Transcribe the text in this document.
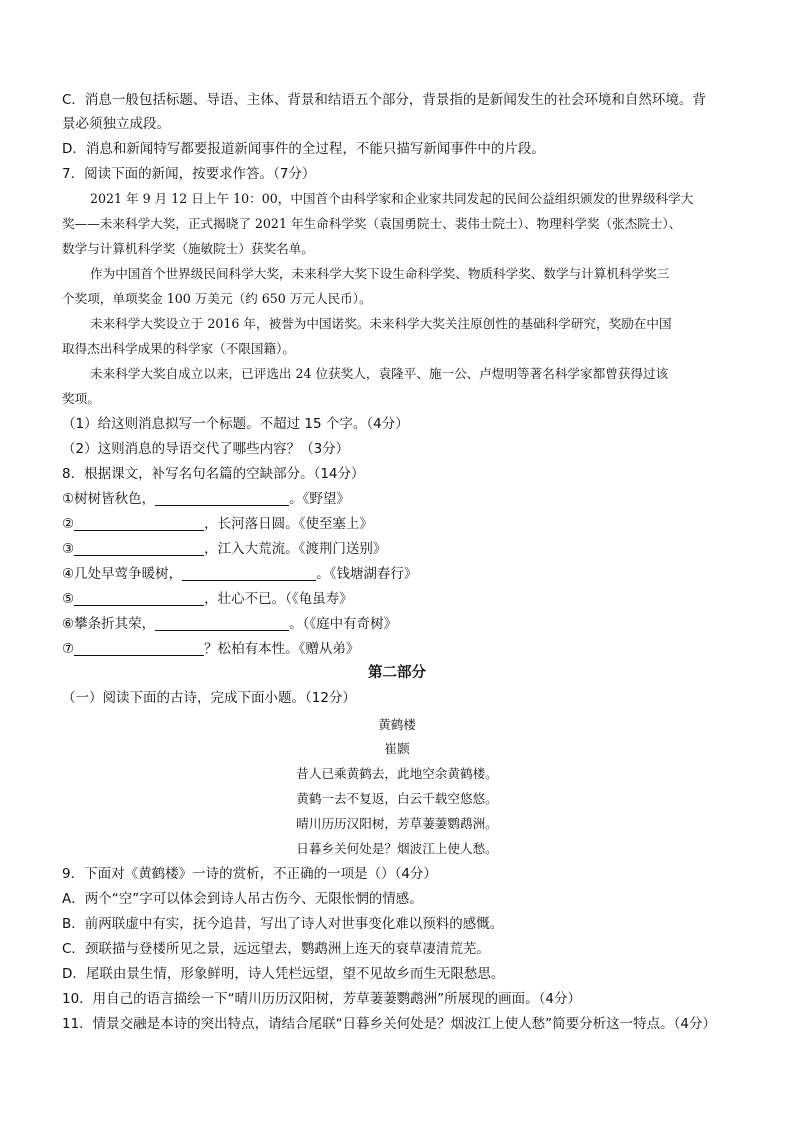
C．消息一般包括标题、导语、主体、背景和结语五个部分，背景指的是新闻发生的社会环境和自然环境。背
景必须独立成段。
D．消息和新闻特写都要报道新闻事件的全过程，不能只描写新闻事件中的片段。
7．阅读下面的新闻，按要求作答。（7分）
2021 年 9 月 12 日上午 10：00，中国首个由科学家和企业家共同发起的民间公益组织颁发的世界级科学大
奖——未来科学大奖，正式揭晓了 2021 年生命科学奖（袁国勇院士、裴伟士院士）、物理科学奖（张杰院士）、
数学与计算机科学奖（施敏院士）获奖名单。
作为中国首个世界级民间科学大奖，未来科学大奖下设生命科学奖、物质科学奖、数学与计算机科学奖三
个奖项，单项奖金 100 万美元（约 650 万元人民币）。
未来科学大奖设立于 2016 年，被誉为中国诺奖。未来科学大奖关注原创性的基础科学研究，奖励在中国
取得杰出科学成果的科学家（不限国籍）。
未来科学大奖自成立以来，已评选出 24 位获奖人，袁隆平、施一公、卢煜明等著名科学家都曾获得过该
奖项。
（1）给这则消息拟写一个标题。不超过 15 个字。（4分）
（2）这则消息的导语交代了哪些内容？（3分）
8．根据课文，补写名句名篇的空缺部分。（14分）
①树树皆秋色，	。《野望》
②	，长河落日圆。《使至塞上》
③	，江入大荒流。《渡荆门送别》
④几处早莺争暖树，	。《钱塘湖春行》
⑤	，壮心不已。（《龟虽寿》
⑥攀条折其荣，	。（《庭中有奇树》
⑦	？松柏有本性。《赠从弟》
第二部分
（一）阅读下面的古诗，完成下面小题。（12分）
黄鹤楼
崔颢
昔人已乘黄鹤去，此地空余黄鹤楼。
黄鹤一去不复返，白云千载空悠悠。
晴川历历汉阳树，芳草萋萋鹦鹉洲。
日暮乡关何处是？烟波江上使人愁。
9．下面对《黄鹤楼》一诗的赏析，不正确的一项是（）（4分）
A．两个“空”字可以体会到诗人吊古伤今、无限怅惘的情感。
B．前两联虚中有实，抚今追昔，写出了诗人对世事变化难以预料的感慨。
C．颈联描与登楼所见之景，远远望去，鹦鹉洲上连天的衰草凄清荒芜。
D．尾联由景生情，形象鲜明，诗人凭栏远望，望不见故乡而生无限愁思。
10．用自己的语言描绘一下“晴川历历汉阳树，芳草萋萋鹦鹉洲”所展现的画面。（4分）
11．情景交融是本诗的突出特点，请结合尾联“日暮乡关何处是？烟波江上使人愁”简要分析这一特点。（4分）
